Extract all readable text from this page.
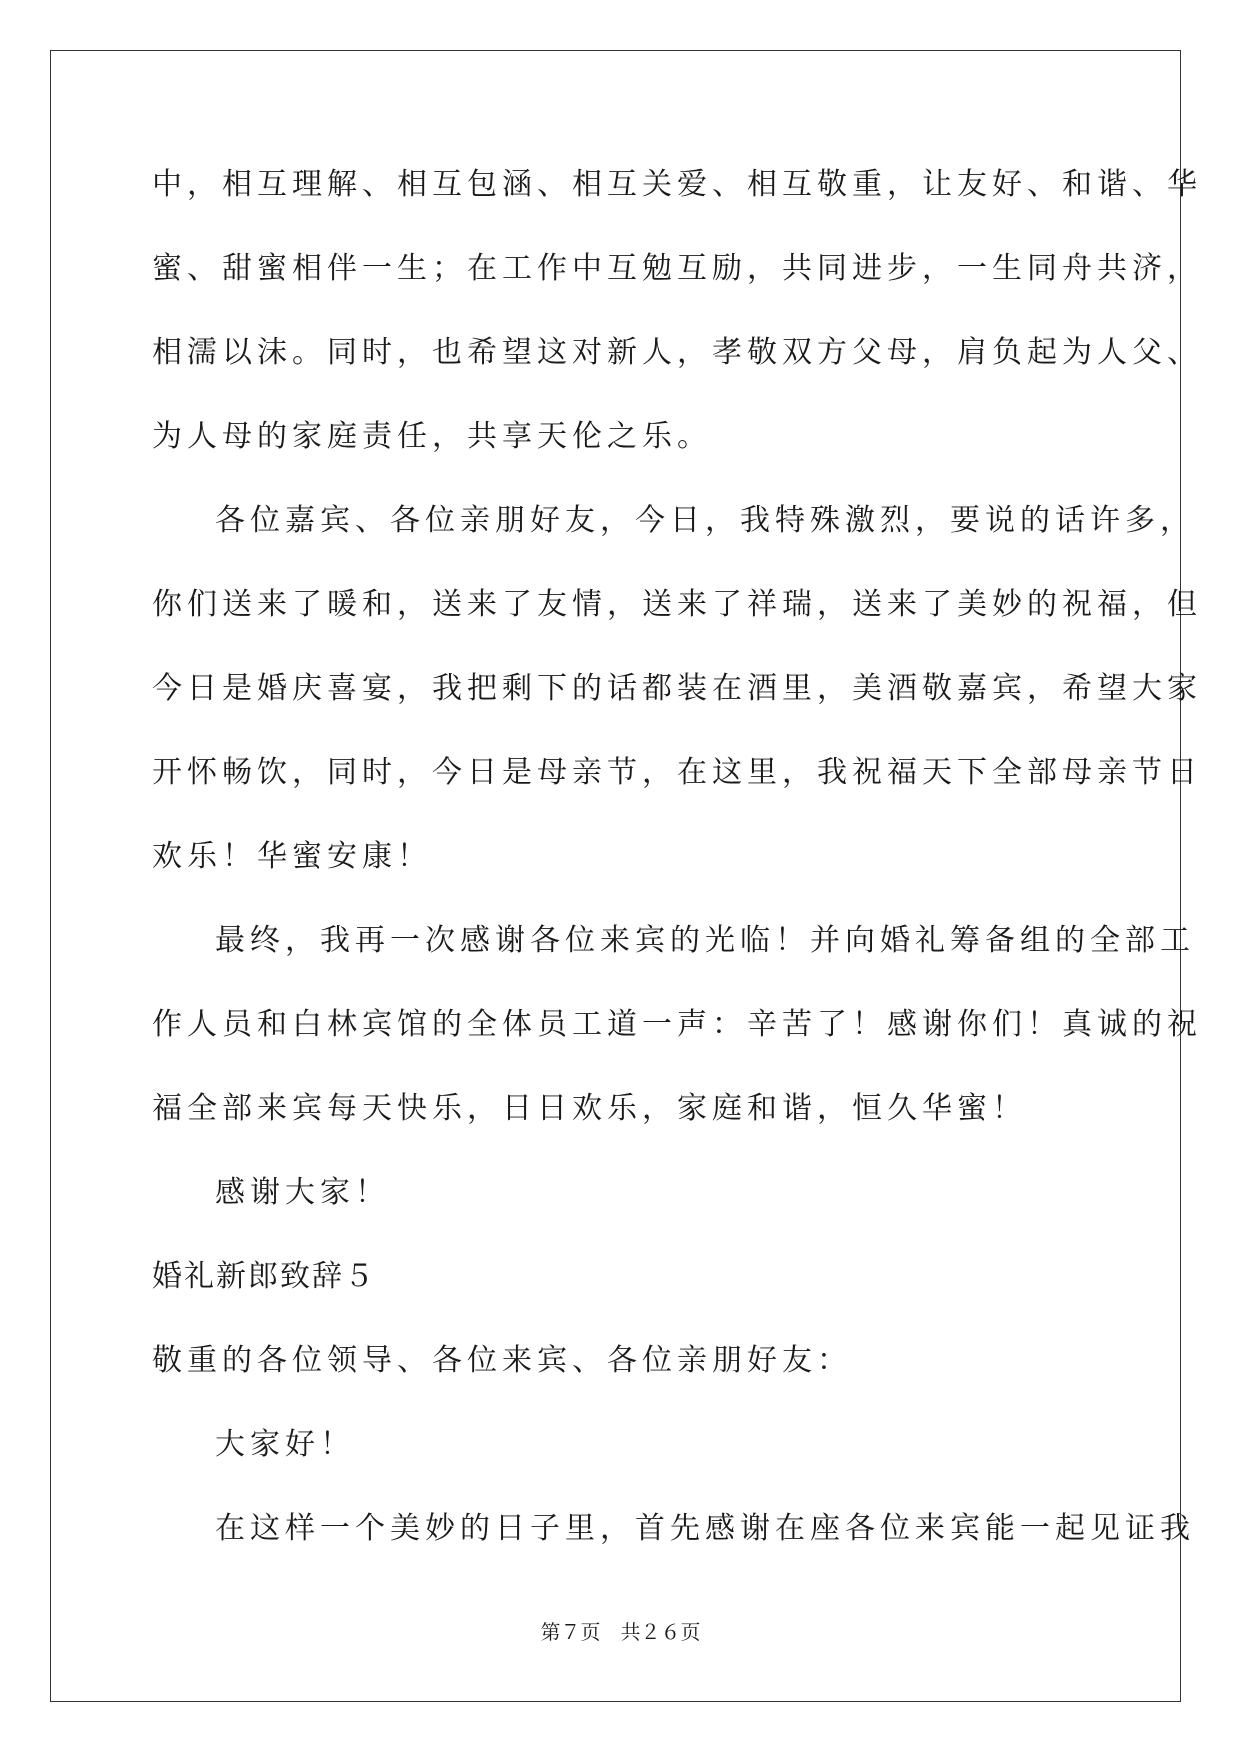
中，相互理解、相互包涵、相互关爱、相互敬重，让友好、和谐、华
蜜、甜蜜相伴一生；在工作中互勉互励，共同进步，一生同舟共济，
相濡以沫。同时，也希望这对新人，孝敬双方父母，肩负起为人父、
为人母的家庭责任，共享天伦之乐。
各位嘉宾、各位亲朋好友，今日，我特殊激烈，要说的话许多，
你们送来了暖和，送来了友情，送来了祥瑞，送来了美妙的祝福，但
今日是婚庆喜宴，我把剩下的话都装在酒里，美酒敬嘉宾，希望大家
开怀畅饮，同时，今日是母亲节，在这里，我祝福天下全部母亲节日
欢乐！华蜜安康！
最终，我再一次感谢各位来宾的光临！并向婚礼筹备组的全部工
作人员和白林宾馆的全体员工道一声：辛苦了！感谢你们！真诚的祝
福全部来宾每天快乐，日日欢乐，家庭和谐，恒久华蜜！
感谢大家！
婚礼新郎致辞５
敬重的各位领导、各位来宾、各位亲朋好友：
大家好！
在这样一个美妙的日子里，首先感谢在座各位来宾能一起见证我
第７页 共２６页
